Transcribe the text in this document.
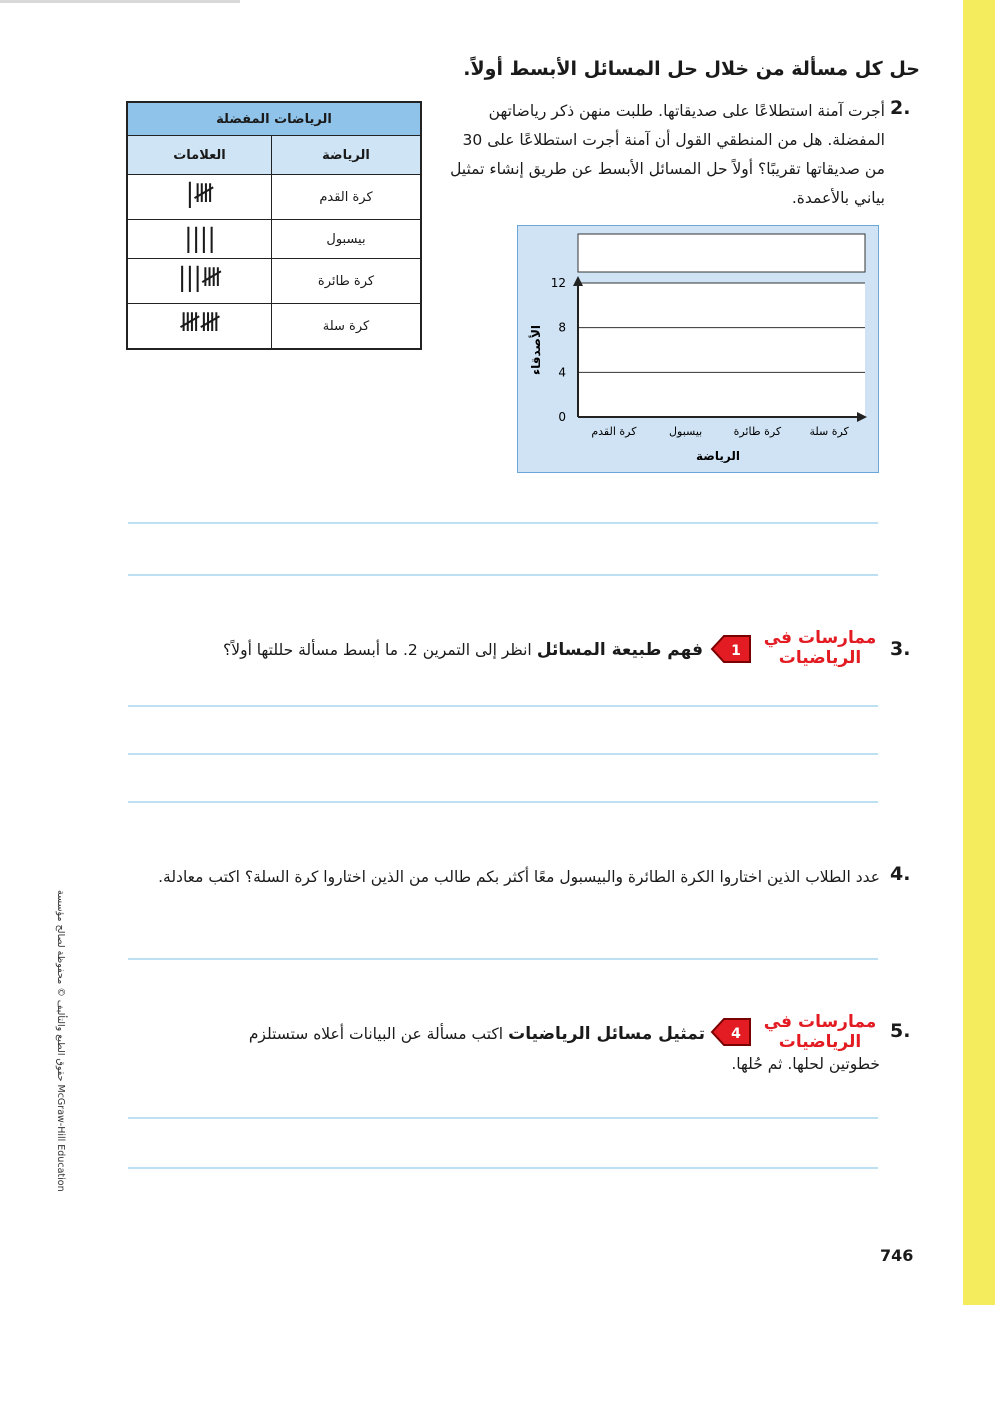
حل كل مسألة من خلال حل المسائل الأبسط أولاً.
2.
أجرت آمنة استطلاعًا على صديقاتها. طلبت منهن ذكر رياضاتهن المفضلة. هل من المنطقي القول أن آمنة أجرت استطلاعًا على 30 من صديقاتها تقريبًا؟ أولاً حل المسائل الأبسط عن طريق إنشاء تمثيل بياني بالأعمدة.
الرياضات المفضلة	
العلامات	الرياضة
|𝍸	كرة القدم
||||	بيسبول
|||𝍸	كرة طائرة
𝍸𝍸	كرة سلة
0
4
8
12
كرة القدم	بيسبول	كرة طائرة	كرة سلة
الرياضة
الأصدقاء
3.
ممارسات في
الرياضيات
1
فهم طبيعة المسائل انظر إلى التمرين 2. ما أبسط مسألة حللتها أولاً؟
4.
عدد الطلاب الذين اختاروا الكرة الطائرة والبيسبول معًا أكثر بكم طالب من الذين اختاروا كرة السلة؟ اكتب معادلة.
5.
ممارسات في
الرياضيات
4
تمثيل مسائل الرياضيات اكتب مسألة عن البيانات أعلاه ستستلزم
خطوتين لحلها. ثم حُلها.
حقوق الطبع والتأليف © محفوظة لصالح مؤسسة McGraw-Hill Education
746
